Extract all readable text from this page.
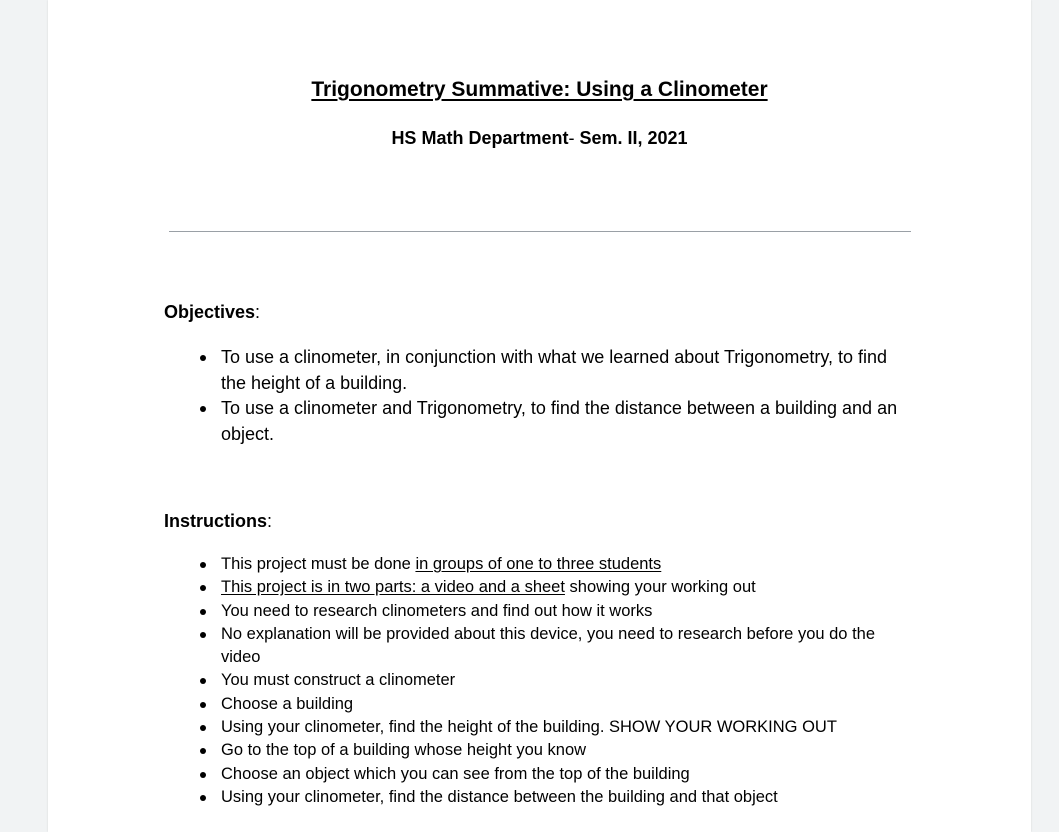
Trigonometry Summative: Using a Clinometer

HS Math Department- Sem. II, 2021

Objectives:

To use a clinometer, in conjunction with what we learned about Trigonometry, to find the height of a building.
To use a clinometer and Trigonometry, to find the distance between a building and an object.

Instructions:

This project must be done in groups of one to three students
This project is in two parts: a video and a sheet showing your working out
You need to research clinometers and find out how it works
No explanation will be provided about this device, you need to research before you do the video
You must construct a clinometer
Choose a building
Using your clinometer, find the height of the building. SHOW YOUR WORKING OUT
Go to the top of a building whose height you know
Choose an object which you can see from the top of the building
Using your clinometer, find the distance between the building and that object
